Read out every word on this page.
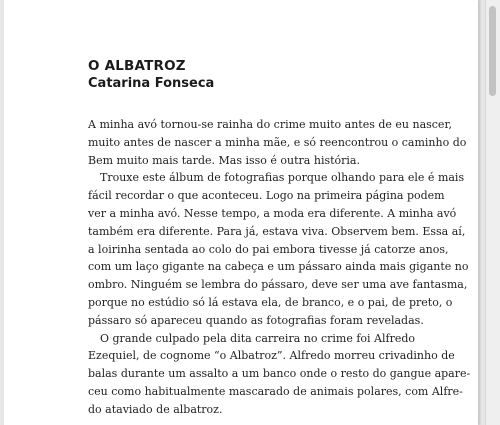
O ALBATROZ
Catarina Fonseca

A minha avó tornou-se rainha do crime muito antes de eu nascer,
muito antes de nascer a minha mãe, e só reencontrou o caminho do
Bem muito mais tarde. Mas isso é outra história.

Trouxe este álbum de fotografias porque olhando para ele é mais
fácil recordar o que aconteceu. Logo na primeira página podem
ver a minha avó. Nesse tempo, a moda era diferente. A minha avó
também era diferente. Para já, estava viva. Observem bem. Essa aí,
a loirinha sentada ao colo do pai embora tivesse já catorze anos,
com um laço gigante na cabeça e um pássaro ainda mais gigante no
ombro. Ninguém se lembra do pássaro, deve ser uma ave fantasma,
porque no estúdio só lá estava ela, de branco, e o pai, de preto, o
pássaro só apareceu quando as fotografias foram reveladas.

O grande culpado pela dita carreira no crime foi Alfredo
Ezequiel, de cognome “o Albatroz”. Alfredo morreu crivadinho de
balas durante um assalto a um banco onde o resto do gangue apare-
ceu como habitualmente mascarado de animais polares, com Alfre-
do ataviado de albatroz.
